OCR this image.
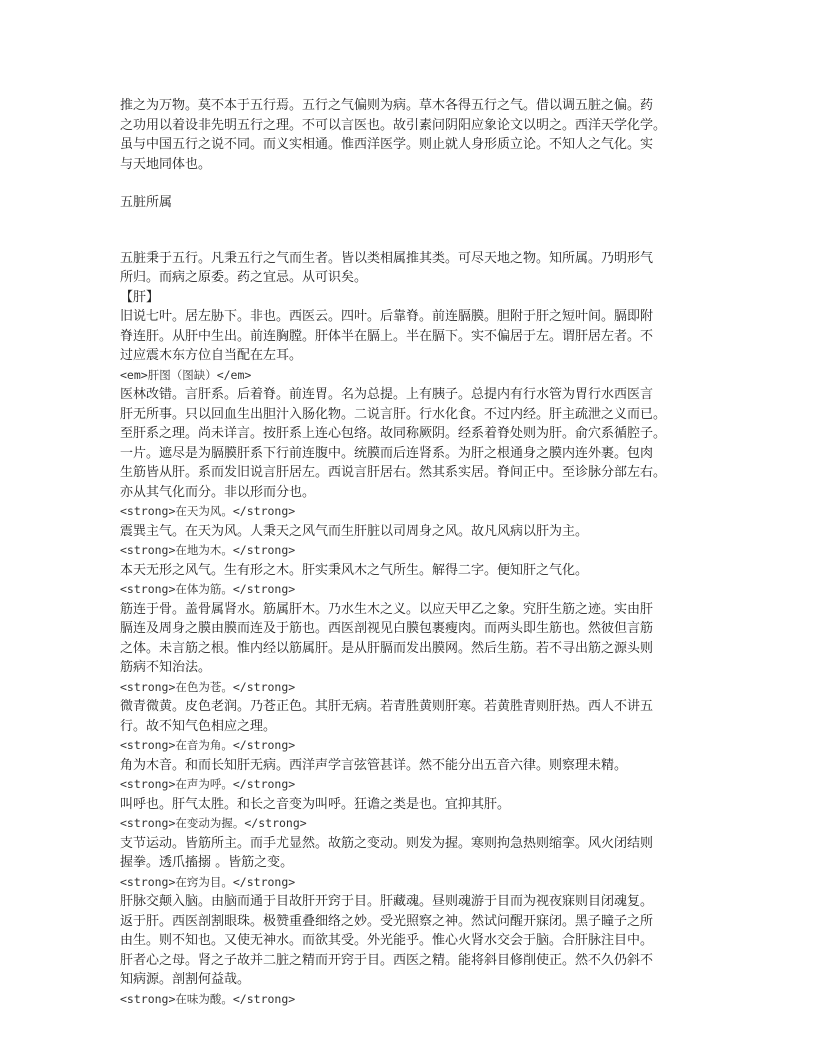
推之为万物。莫不本于五行焉。五行之气偏则为病。草木各得五行之气。借以调五脏之偏。药
之功用以着设非先明五行之理。不可以言医也。故引素问阴阳应象论文以明之。西洋天学化学。
虽与中国五行之说不同。而义实相通。惟西洋医学。则止就人身形质立论。不知人之气化。实
与天地同体也。
五脏所属
五脏秉于五行。凡秉五行之气而生者。皆以类相属推其类。可尽天地之物。知所属。乃明形气
所归。而病之原委。药之宜忌。从可识矣。
【肝】
旧说七叶。居左胁下。非也。西医云。四叶。后靠脊。前连膈膜。胆附于肝之短叶间。膈即附
脊连肝。从肝中生出。前连胸膛。肝体半在膈上。半在膈下。实不偏居于左。谓肝居左者。不
过应震木东方位自当配在左耳。
<em>肝图（图缺）</em>
医林改错。言肝系。后着脊。前连胃。名为总提。上有胰子。总提内有行水管为胃行水西医言
肝无所事。只以回血生出胆汁入肠化物。二说言肝。行水化食。不过内经。肝主疏泄之义而已。
至肝系之理。尚未详言。按肝系上连心包络。故同称厥阴。经系着脊处则为肝。俞穴系循腔子。
一片。遮尽是为膈膜肝系下行前连腹中。统膜而后连肾系。为肝之根通身之膜内连外裹。包肉
生筋皆从肝。系而发旧说言肝居左。西说言肝居右。然其系实居。脊间正中。至诊脉分部左右。
亦从其气化而分。非以形而分也。
<strong>在天为风。</strong>
震巽主气。在天为风。人秉天之风气而生肝脏以司周身之风。故凡风病以肝为主。
<strong>在地为木。</strong>
本天无形之风气。生有形之木。肝实秉风木之气所生。解得二字。便知肝之气化。
<strong>在体为筋。</strong>
筋连于骨。盖骨属肾水。筋属肝木。乃水生木之义。以应天甲乙之象。究肝生筋之迹。实由肝
膈连及周身之膜由膜而连及于筋也。西医剖视见白膜包裹瘦肉。而两头即生筋也。然彼但言筋
之体。未言筋之根。惟内经以筋属肝。是从肝膈而发出膜网。然后生筋。若不寻出筋之源头则
筋病不知治法。
<strong>在色为苍。</strong>
微青微黄。皮色老润。乃苍正色。其肝无病。若青胜黄则肝寒。若黄胜青则肝热。西人不讲五
行。故不知气色相应之理。
<strong>在音为角。</strong>
角为木音。和而长知肝无病。西洋声学言弦管甚详。然不能分出五音六律。则察理未精。
<strong>在声为呼。</strong>
叫呼也。肝气太胜。和长之音变为叫呼。狂谵之类是也。宜抑其肝。
<strong>在变动为握。</strong>
支节运动。皆筋所主。而手尤显然。故筋之变动。则发为握。寒则拘急热则缩挛。风火闭结则
握拳。透爪搐搦 。皆筋之变。
<strong>在窍为目。</strong>
肝脉交颠入脑。由脑而通于目故肝开窍于目。肝藏魂。昼则魂游于目而为视夜寐则目闭魂复。
返于肝。西医剖割眼珠。极赞重叠细络之妙。受光照察之神。然试问醒开寐闭。黑子瞳子之所
由生。则不知也。又使无神水。而欲其受。外光能乎。惟心火肾水交会于脑。合肝脉注目中。
肝者心之母。肾之子故并二脏之精而开窍于目。西医之精。能将斜目修削使正。然不久仍斜不
知病源。剖割何益哉。
<strong>在味为酸。</strong>
